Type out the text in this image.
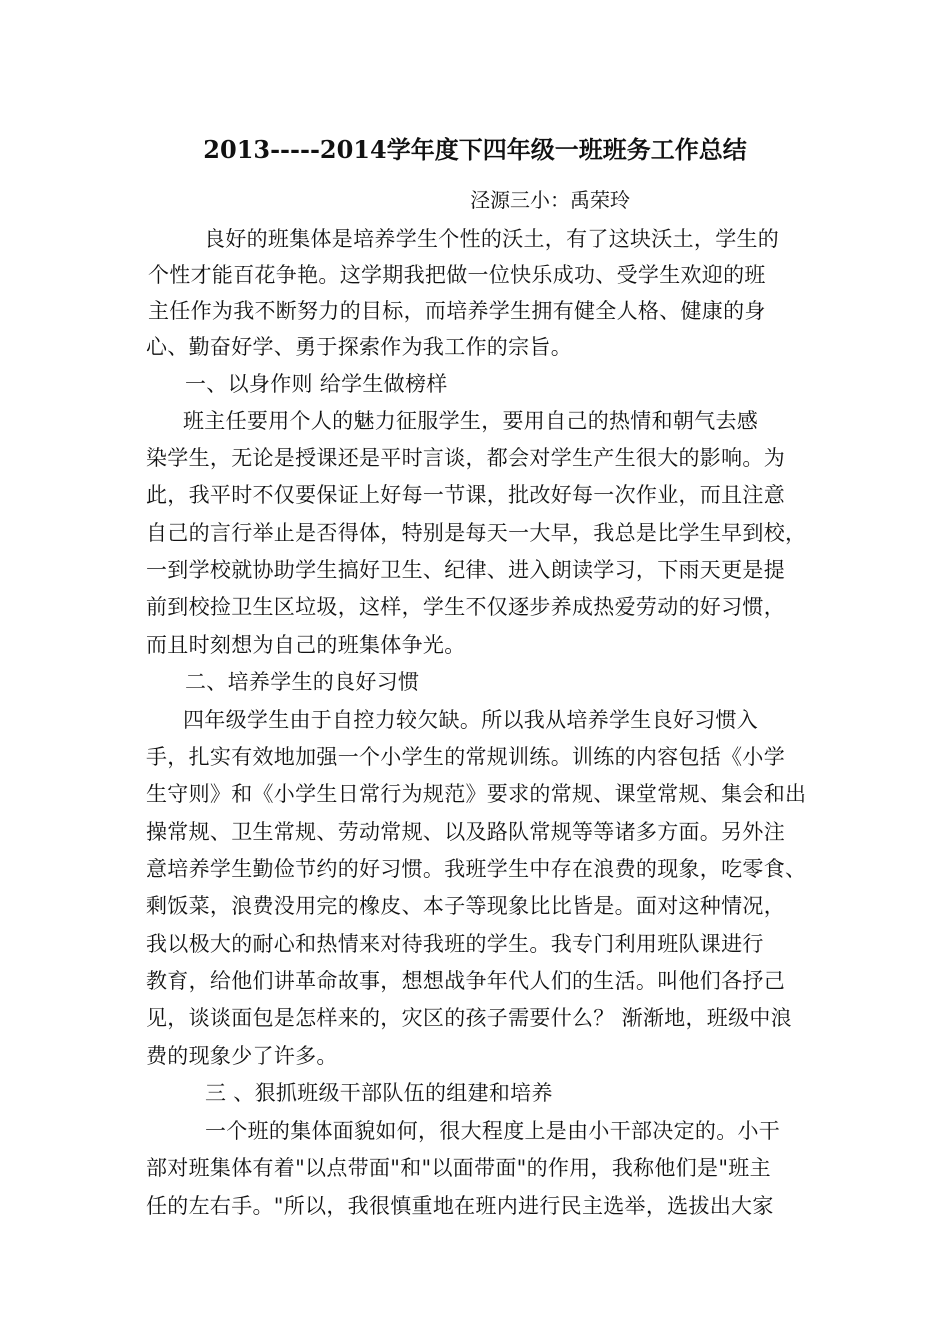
2013-----2014学年度下四年级一班班务工作总结
泾源三小：禹荣玲
良好的班集体是培养学生个性的沃土，有了这块沃土，学生的
个性才能百花争艳。这学期我把做一位快乐成功、受学生欢迎的班
主任作为我不断努力的目标，而培养学生拥有健全人格、健康的身
心、勤奋好学、勇于探索作为我工作的宗旨。
一、以身作则 给学生做榜样
班主任要用个人的魅力征服学生，要用自己的热情和朝气去感
染学生，无论是授课还是平时言谈，都会对学生产生很大的影响。为
此，我平时不仅要保证上好每一节课，批改好每一次作业，而且注意
自己的言行举止是否得体，特别是每天一大早，我总是比学生早到校，
一到学校就协助学生搞好卫生、纪律、进入朗读学习，下雨天更是提
前到校捡卫生区垃圾，这样，学生不仅逐步养成热爱劳动的好习惯，
而且时刻想为自己的班集体争光。
二、培养学生的良好习惯
四年级学生由于自控力较欠缺。所以我从培养学生良好习惯入
手，扎实有效地加强一个小学生的常规训练。训练的内容包括《小学
生守则》和《小学生日常行为规范》要求的常规、课堂常规、集会和出
操常规、卫生常规、劳动常规、以及路队常规等等诸多方面。另外注
意培养学生勤俭节约的好习惯。我班学生中存在浪费的现象，吃零食、
剩饭菜，浪费没用完的橡皮、本子等现象比比皆是。面对这种情况，
我以极大的耐心和热情来对待我班的学生。我专门利用班队课进行
教育，给他们讲革命故事，想想战争年代人们的生活。叫他们各抒己
见，谈谈面包是怎样来的，灾区的孩子需要什么？ 渐渐地，班级中浪
费的现象少了许多。
三 、狠抓班级干部队伍的组建和培养
一个班的集体面貌如何，很大程度上是由小干部决定的。小干
部对班集体有着"以点带面"和"以面带面"的作用，我称他们是"班主
任的左右手。"所以，我很慎重地在班内进行民主选举，选拔出大家
